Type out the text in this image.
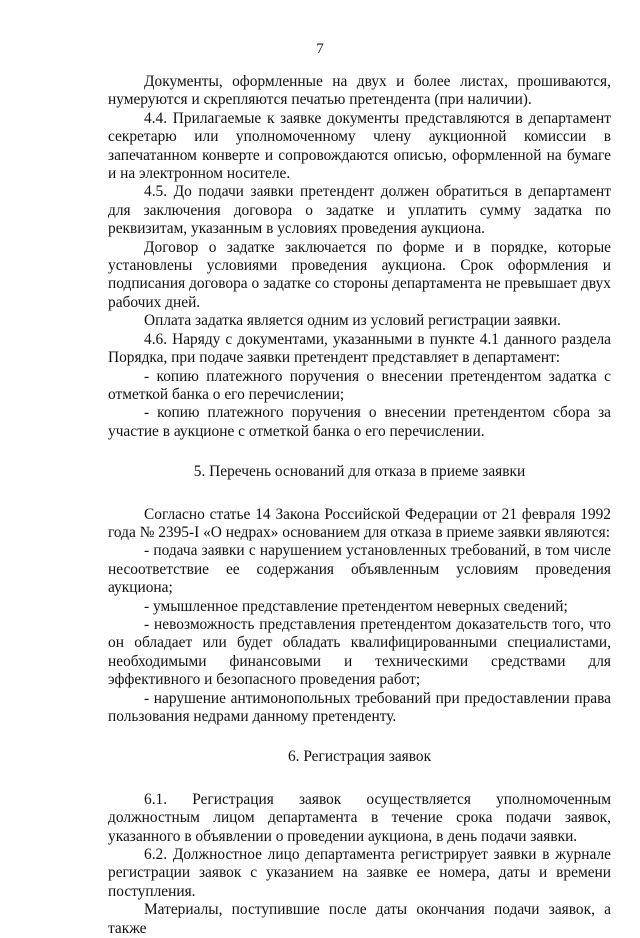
7

Документы, оформленные на двух и более листах, прошиваются, нумеруются и скрепляются печатью претендента (при наличии).

4.4. Прилагаемые к заявке документы представляются в департамент секретарю или уполномоченному члену аукционной комиссии в запечатанном конверте и сопровождаются описью, оформленной на бумаге и на электронном носителе.

4.5. До подачи заявки претендент должен обратиться в департамент для заключения договора о задатке и уплатить сумму задатка по реквизитам, указанным в условиях проведения аукциона.

Договор о задатке заключается по форме и в порядке, которые установлены условиями проведения аукциона. Срок оформления и подписания договора о задатке со стороны департамента не превышает двух рабочих дней.

Оплата задатка является одним из условий регистрации заявки.

4.6. Наряду с документами, указанными в пункте 4.1 данного раздела Порядка, при подаче заявки претендент представляет в департамент:

- копию платежного поручения о внесении претендентом задатка с отметкой банка о его перечислении;

- копию платежного поручения о внесении претендентом сбора за участие в аукционе с отметкой банка о его перечислении.

5. Перечень оснований для отказа в приеме заявки

Согласно статье 14 Закона Российской Федерации от 21 февраля 1992 года № 2395-I «О недрах» основанием для отказа в приеме заявки являются:

- подача заявки с нарушением установленных требований, в том числе несоответствие ее содержания объявленным условиям проведения аукциона;

- умышленное представление претендентом неверных сведений;

- невозможность представления претендентом доказательств того, что он обладает или будет обладать квалифицированными специалистами, необходимыми финансовыми и техническими средствами для эффективного и безопасного проведения работ;

- нарушение антимонопольных требований при предоставлении права пользования недрами данному претенденту.

6. Регистрация заявок

6.1. Регистрация заявок осуществляется уполномоченным должностным лицом департамента в течение срока подачи заявок, указанного в объявлении о проведении аукциона, в день подачи заявки.

6.2. Должностное лицо департамента регистрирует заявки в журнале регистрации заявок с указанием на заявке ее номера, даты и времени поступления.

Материалы, поступившие после даты окончания подачи заявок, а также
